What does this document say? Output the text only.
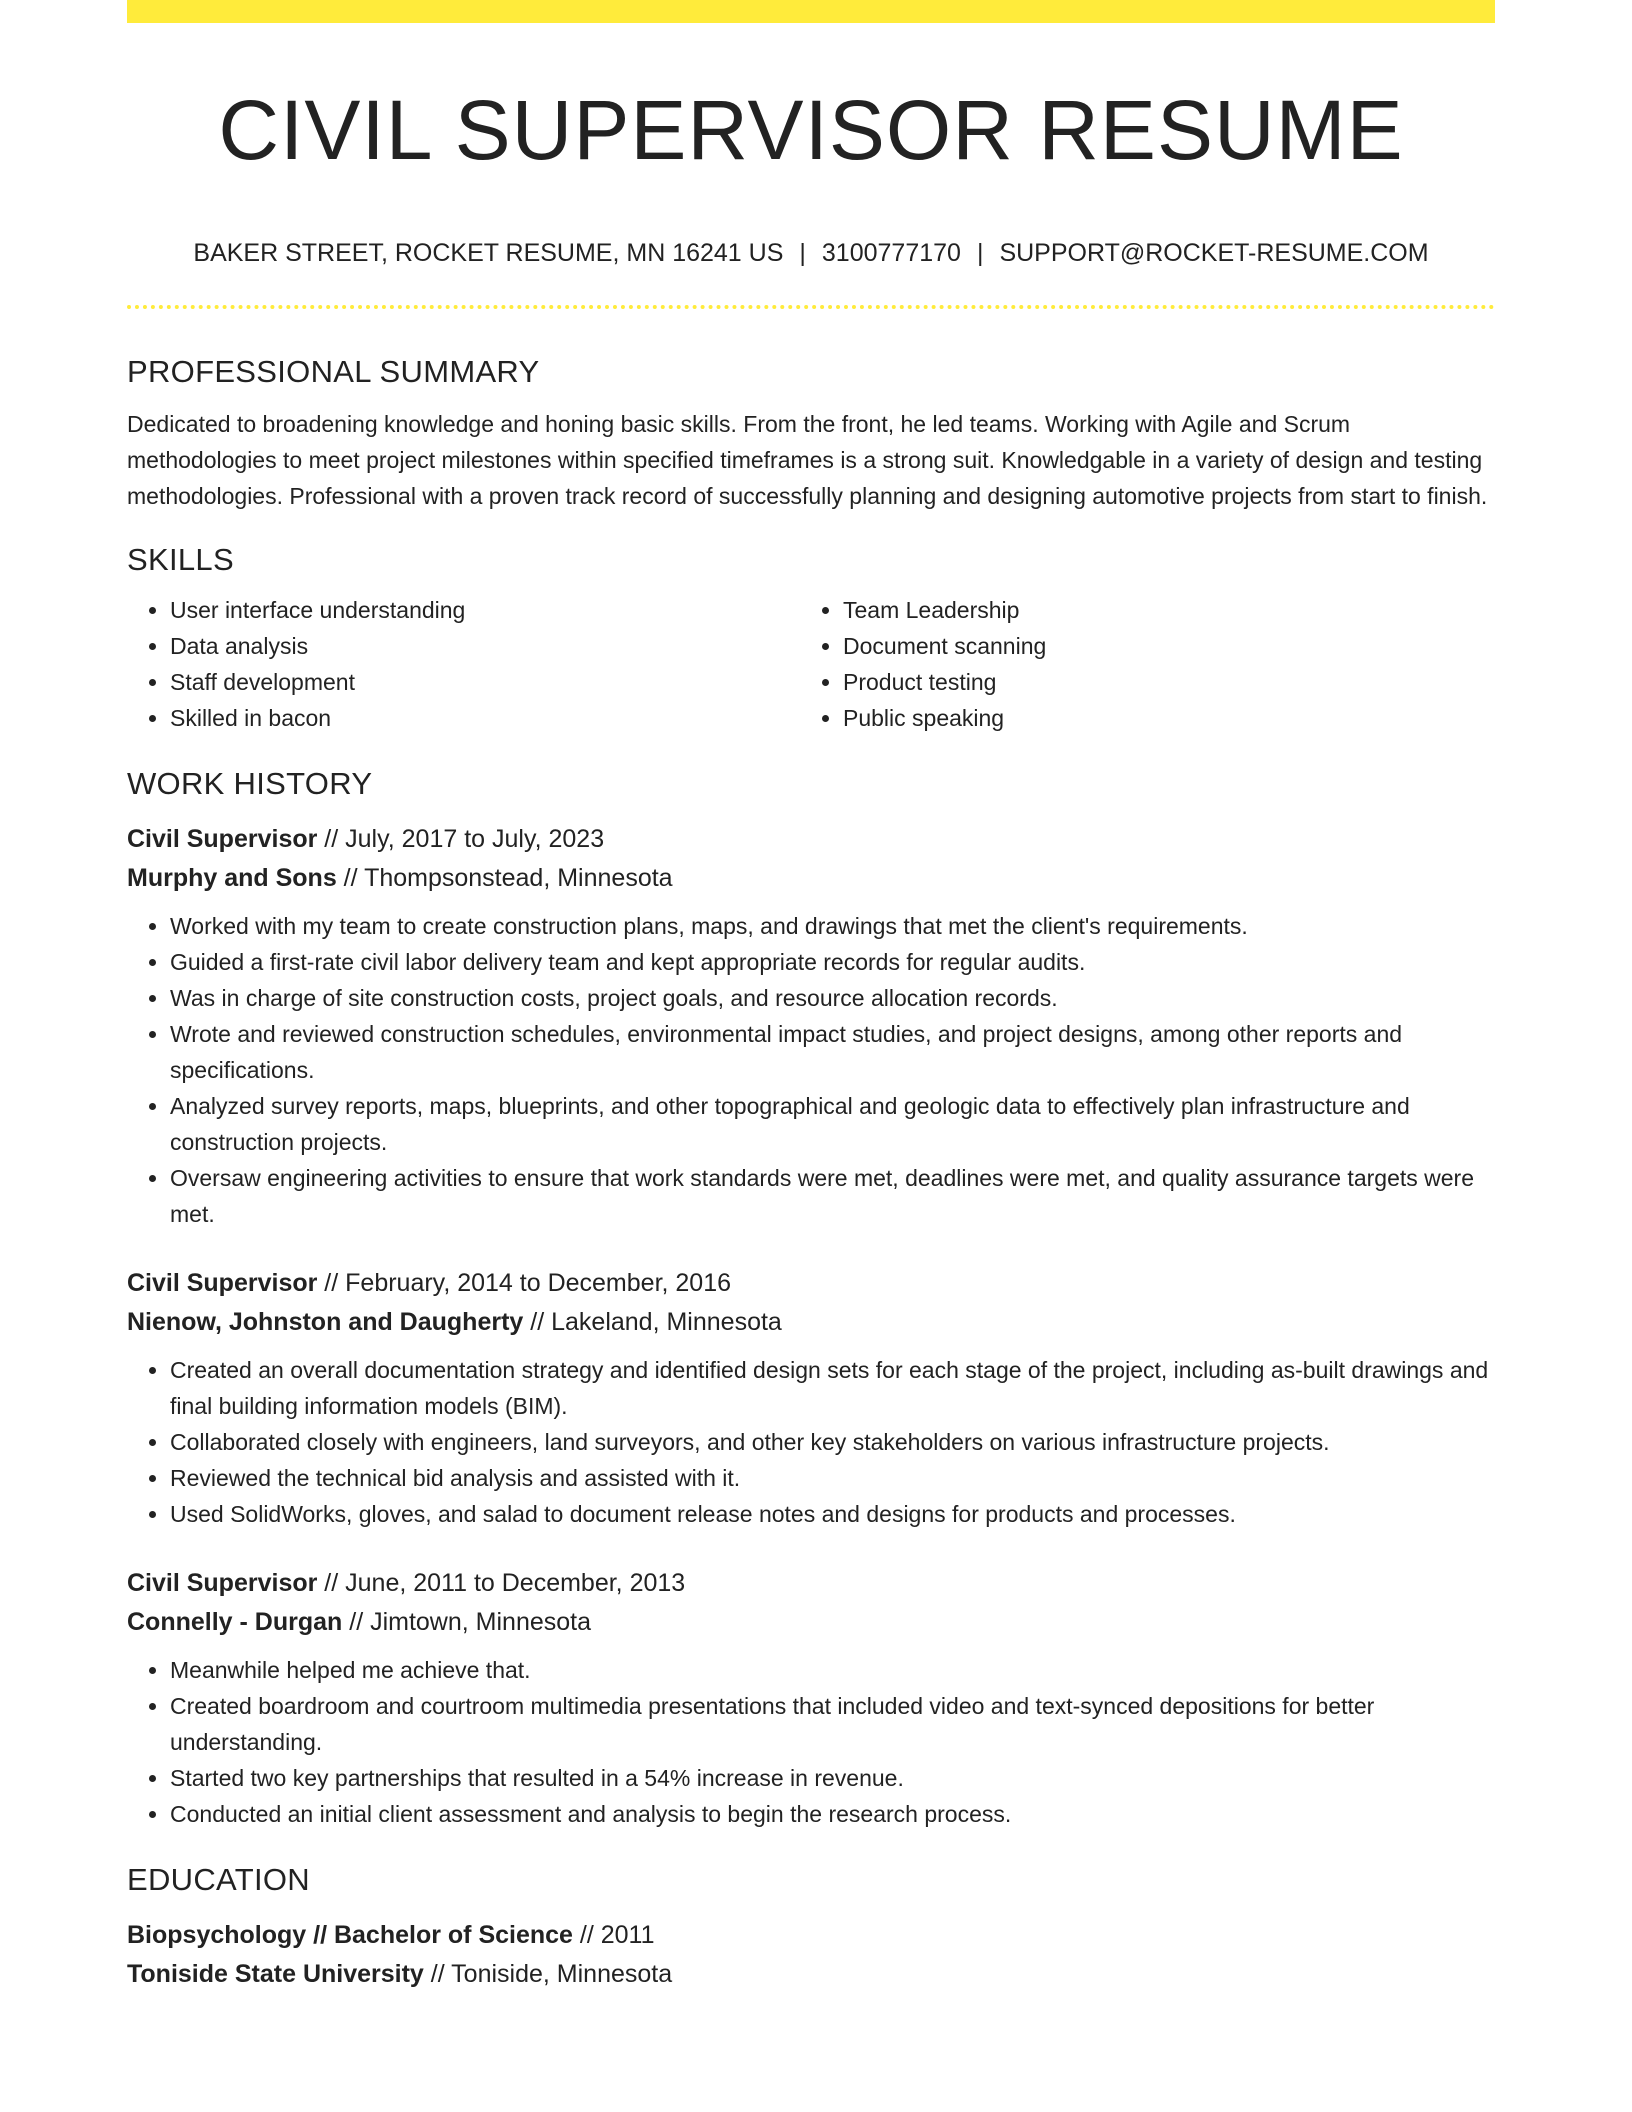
CIVIL SUPERVISOR RESUME
BAKER STREET, ROCKET RESUME, MN 16241 US | 3100777170 | SUPPORT@ROCKET-RESUME.COM
PROFESSIONAL SUMMARY

Dedicated to broadening knowledge and honing basic skills. From the front, he led teams. Working with Agile and Scrum methodologies to meet project milestones within specified timeframes is a strong suit. Knowledgable in a variety of design and testing methodologies. Professional with a proven track record of successfully planning and designing automotive projects from start to finish.

SKILLS
• User interface understanding
• Data analysis
• Staff development
• Skilled in bacon
• Team Leadership
• Document scanning
• Product testing
• Public speaking
WORK HISTORY
Civil Supervisor // July, 2017 to July, 2023
Murphy and Sons // Thompsonstead, Minnesota
• Worked with my team to create construction plans, maps, and drawings that met the client's requirements.
• Guided a first-rate civil labor delivery team and kept appropriate records for regular audits.
• Was in charge of site construction costs, project goals, and resource allocation records.
• Wrote and reviewed construction schedules, environmental impact studies, and project designs, among other reports and specifications.
• Analyzed survey reports, maps, blueprints, and other topographical and geologic data to effectively plan infrastructure and construction projects.
• Oversaw engineering activities to ensure that work standards were met, deadlines were met, and quality assurance targets were met.
Civil Supervisor // February, 2014 to December, 2016
Nienow, Johnston and Daugherty // Lakeland, Minnesota
• Created an overall documentation strategy and identified design sets for each stage of the project, including as-built drawings and final building information models (BIM).
• Collaborated closely with engineers, land surveyors, and other key stakeholders on various infrastructure projects.
• Reviewed the technical bid analysis and assisted with it.
• Used SolidWorks, gloves, and salad to document release notes and designs for products and processes.
Civil Supervisor // June, 2011 to December, 2013
Connelly - Durgan // Jimtown, Minnesota
• Meanwhile helped me achieve that.
• Created boardroom and courtroom multimedia presentations that included video and text-synced depositions for better understanding.
• Started two key partnerships that resulted in a 54% increase in revenue.
• Conducted an initial client assessment and analysis to begin the research process.
EDUCATION
Biopsychology // Bachelor of Science // 2011
Toniside State University // Toniside, Minnesota
